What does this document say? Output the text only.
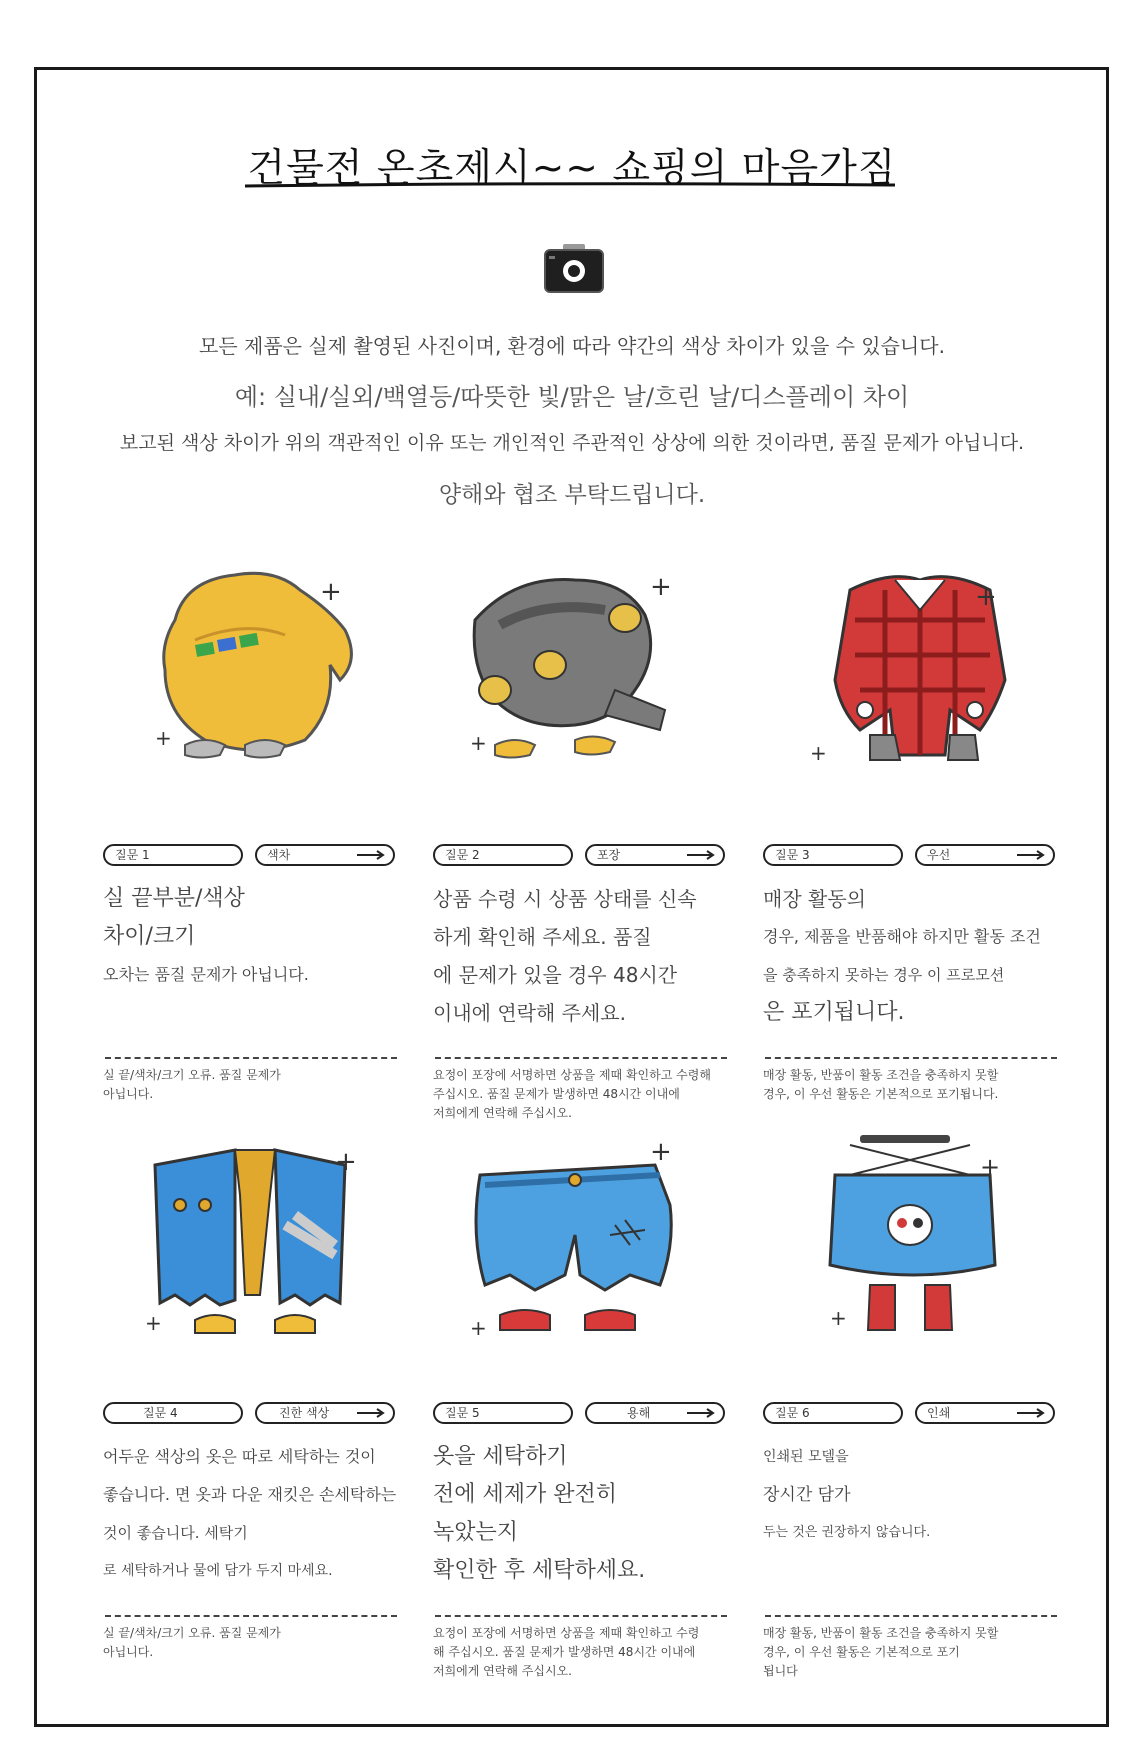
건물전 온초제시~~ 쇼핑의 마음가짐
모든 제품은 실제 촬영된 사진이며, 환경에 따라 약간의 색상 차이가 있을 수 있습니다.
예: 실내/실외/백열등/따뜻한 빛/맑은 날/흐린 날/디스플레이 차이
보고된 색상 차이가 위의 객관적인 이유 또는 개인적인 주관적인 상상에 의한 것이라면, 품질 문제가 아닙니다.
양해와 협조 부탁드립니다.
+
+
+
+
+
+
+
+
+
+
+
+
질문 1	색차
실 끝부분/색상
차이/크기
오차는 품질 문제가 아닙니다.
실 끝/색차/크기 오류. 품질 문제가
아닙니다.
질문 2	포장
상품 수령 시 상품 상태를 신속
하게 확인해 주세요. 품질
에 문제가 있을 경우 48시간
이내에 연락해 주세요.
요정이 포장에 서명하면 상품을 제때 확인하고 수령해
주십시오. 품질 문제가 발생하면 48시간 이내에
저희에게 연락해 주십시오.
질문 3	우선
매장 활동의
경우, 제품을 반품해야 하지만 활동 조건
을 충족하지 못하는 경우 이 프로모션
은 포기됩니다.
매장 활동, 반품이 활동 조건을 충족하지 못할
경우, 이 우선 활동은 기본적으로 포기됩니다.
질문 4	진한 색상
어두운 색상의 옷은 따로 세탁하는 것이
좋습니다. 면 옷과 다운 재킷은 손세탁하는
것이 좋습니다. 세탁기
로 세탁하거나 물에 담가 두지 마세요.
실 끝/색차/크기 오류. 품질 문제가
아닙니다.
질문 5	용해
옷을 세탁하기
전에 세제가 완전히
녹았는지
확인한 후 세탁하세요.
요정이 포장에 서명하면 상품을 제때 확인하고 수령
해 주십시오. 품질 문제가 발생하면 48시간 이내에
저희에게 연락해 주십시오.
질문 6	인쇄
인쇄된 모델을
장시간 담가
두는 것은 권장하지 않습니다.
매장 활동, 반품이 활동 조건을 충족하지 못할
경우, 이 우선 활동은 기본적으로 포기
됩니다
